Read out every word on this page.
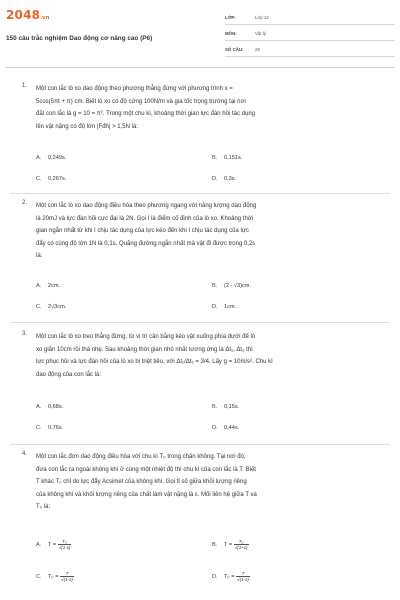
2048.vn
150 câu trắc nghiệm Dao động cơ nâng cao (P6)
LỚP:	Lớp 12
MÔN:	Vật lý
SỐ CÂU:	25
1. Một con lắc lò xo dao động theo phương thẳng đứng với phương trình x =
5cos(5πt + π) cm. Biết lò xo có độ cứng 100N/m và gia tốc trọng trường tại nơi
đặt con lắc là g = 10 = π². Trong một chu kì, khoảng thời gian lực đàn hồi tác dụng
lên vật nặng có độ lớn |Fđh| > 1,5N là:
A. 0,249s.	B. 0,151s.
C. 0,267s.	D. 0,3s.
2. Một con lắc lò xo dao động điều hòa theo phương ngang với năng lượng dao động
là 20mJ và lực đàn hồi cực đại là 2N. Gọi I là điểm cố định của lò xo. Khoảng thời
gian ngắn nhất từ khi I chịu tác dụng của lực kéo đến khi I chịu tác dụng của lực
đẩy có cùng độ lớn 1N là 0,1s. Quãng đường ngắn nhất mà vật đi được trong 0,2s
là:
A. 2cm.	B. (2 - √3)cm.
C. 2√3cm.	D. 1cm.
3. Một con lắc lò xo treo thẳng đứng, từ vị trí cân bằng kéo vật xuống phía dưới để lò
xo giãn 10cm rồi thả nhẹ. Sau khoảng thời gian nhỏ nhất tương ứng là Δt₁, Δt₂ thì
lực phục hồi và lực đàn hồi của lò xo bị triệt tiêu, với Δt₁/Δt₂ = 3/4. Lấy g = 10m/s². Chu kì
dao động của con lắc là:
A. 0,68s.	B. 0,15s.
C. 0,76s.	D. 0,44s.
4. Một con lắc đơn dao động điều hòa với chu kì T₀ trong chân không. Tại nơi đó,
đưa con lắc ra ngoài không khí ở cùng một nhiệt độ thì chu kì của con lắc là T. Biết
T khác T₀ chỉ do lực đẩy Acsimet của không khí. Gọi tỉ số giữa khối lượng riêng
của không khí và khối lượng riêng của chất làm vật nặng là ε. Mối liên hệ giữa T và
T₀ là:
A. $T = \frac{\text{T₀}}{√(1-\varepsilon)}$	B. $T = \frac{\text{T₀}}{√(1+\varepsilon)}$
C. $T_0 = \frac{T}{√(1-\varepsilon)}$	D. $T_0 = \frac{T}{√(1-\varepsilon)}$
